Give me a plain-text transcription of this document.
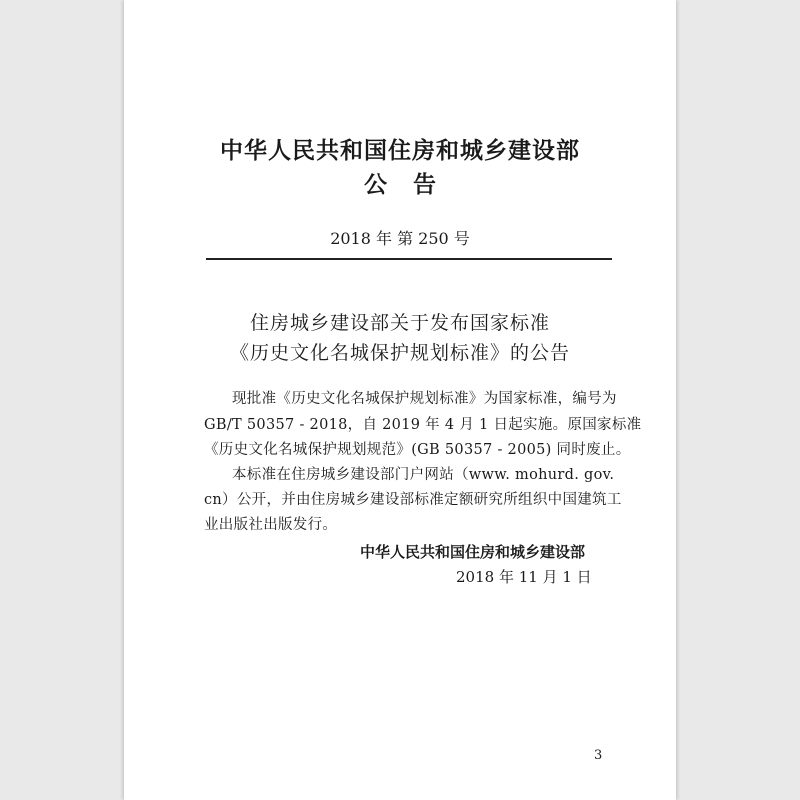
中华人民共和国住房和城乡建设部
公告
2018 年 第 250 号
住房城乡建设部关于发布国家标准
《历史文化名城保护规划标准》的公告
现批准《历史文化名城保护规划标准》为国家标准，编号为
GB/T 50357 - 2018，自 2019 年 4 月 1 日起实施。原国家标准
《历史文化名城保护规划规范》(GB 50357 - 2005) 同时废止。
本标准在住房城乡建设部门户网站（www. mohurd. gov.
cn）公开，并由住房城乡建设部标准定额研究所组织中国建筑工
业出版社出版发行。
中华人民共和国住房和城乡建设部
2018 年 11 月 1 日
3
